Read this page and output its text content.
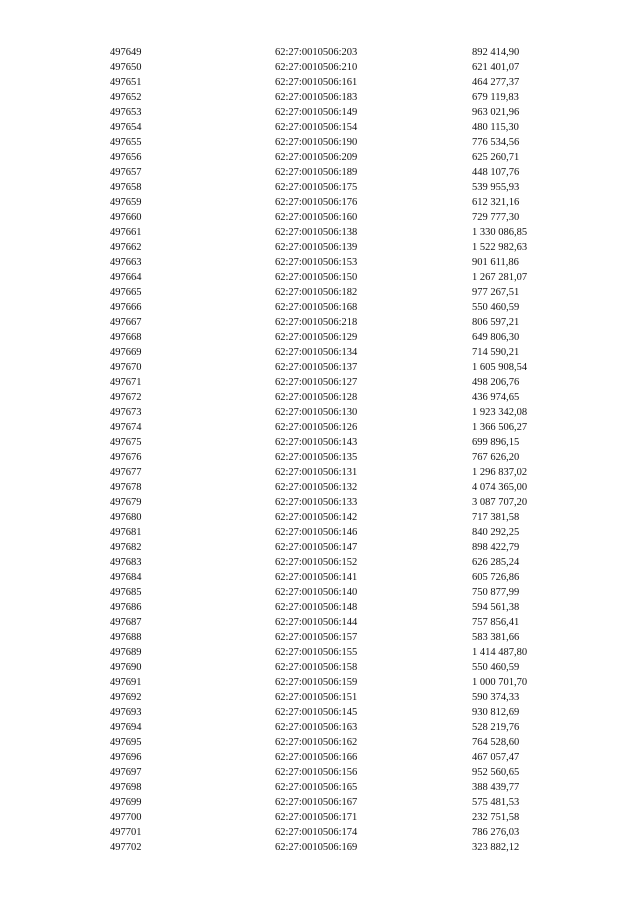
497649	62:27:0010506:203	892 414,90
497650	62:27:0010506:210	621 401,07
497651	62:27:0010506:161	464 277,37
497652	62:27:0010506:183	679 119,83
497653	62:27:0010506:149	963 021,96
497654	62:27:0010506:154	480 115,30
497655	62:27:0010506:190	776 534,56
497656	62:27:0010506:209	625 260,71
497657	62:27:0010506:189	448 107,76
497658	62:27:0010506:175	539 955,93
497659	62:27:0010506:176	612 321,16
497660	62:27:0010506:160	729 777,30
497661	62:27:0010506:138	1 330 086,85
497662	62:27:0010506:139	1 522 982,63
497663	62:27:0010506:153	901 611,86
497664	62:27:0010506:150	1 267 281,07
497665	62:27:0010506:182	977 267,51
497666	62:27:0010506:168	550 460,59
497667	62:27:0010506:218	806 597,21
497668	62:27:0010506:129	649 806,30
497669	62:27:0010506:134	714 590,21
497670	62:27:0010506:137	1 605 908,54
497671	62:27:0010506:127	498 206,76
497672	62:27:0010506:128	436 974,65
497673	62:27:0010506:130	1 923 342,08
497674	62:27:0010506:126	1 366 506,27
497675	62:27:0010506:143	699 896,15
497676	62:27:0010506:135	767 626,20
497677	62:27:0010506:131	1 296 837,02
497678	62:27:0010506:132	4 074 365,00
497679	62:27:0010506:133	3 087 707,20
497680	62:27:0010506:142	717 381,58
497681	62:27:0010506:146	840 292,25
497682	62:27:0010506:147	898 422,79
497683	62:27:0010506:152	626 285,24
497684	62:27:0010506:141	605 726,86
497685	62:27:0010506:140	750 877,99
497686	62:27:0010506:148	594 561,38
497687	62:27:0010506:144	757 856,41
497688	62:27:0010506:157	583 381,66
497689	62:27:0010506:155	1 414 487,80
497690	62:27:0010506:158	550 460,59
497691	62:27:0010506:159	1 000 701,70
497692	62:27:0010506:151	590 374,33
497693	62:27:0010506:145	930 812,69
497694	62:27:0010506:163	528 219,76
497695	62:27:0010506:162	764 528,60
497696	62:27:0010506:166	467 057,47
497697	62:27:0010506:156	952 560,65
497698	62:27:0010506:165	388 439,77
497699	62:27:0010506:167	575 481,53
497700	62:27:0010506:171	232 751,58
497701	62:27:0010506:174	786 276,03
497702	62:27:0010506:169	323 882,12
